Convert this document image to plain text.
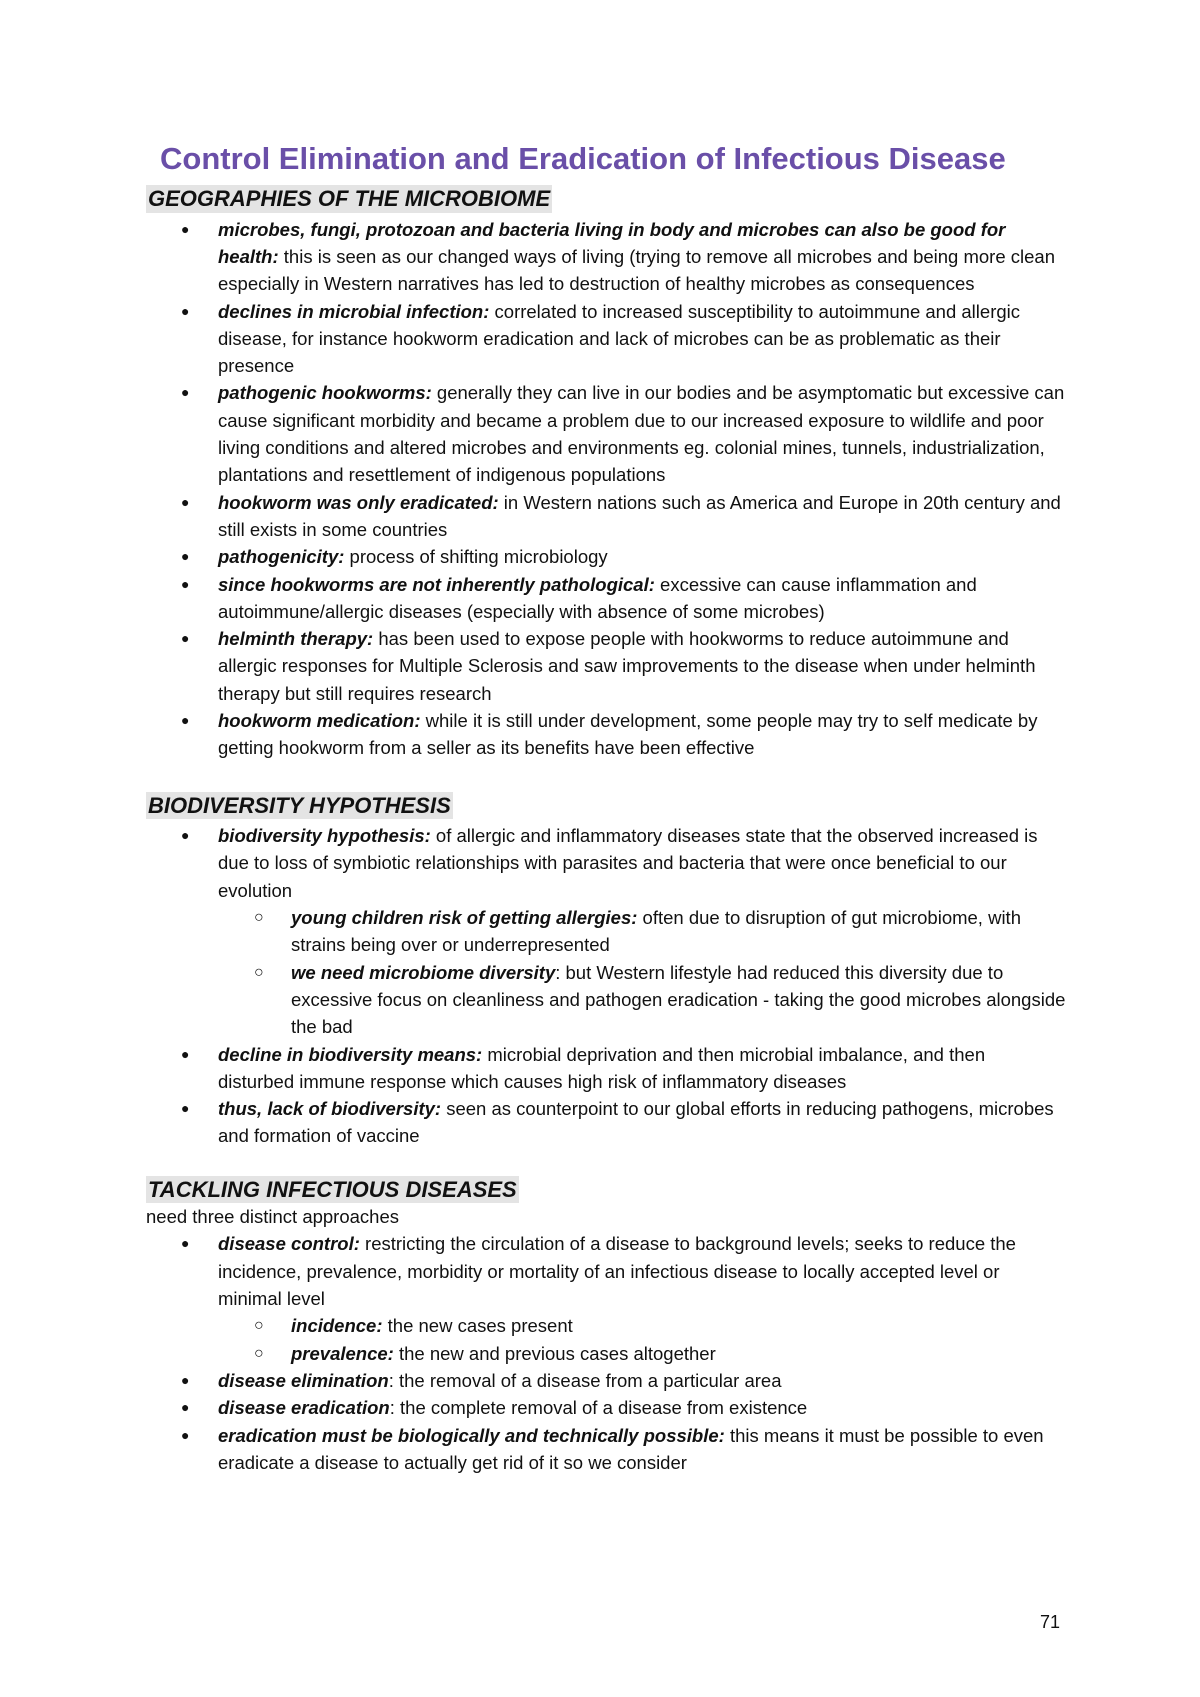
Control Elimination and Eradication of Infectious Disease
GEOGRAPHIES OF THE MICROBIOME
● microbes, fungi, protozoan and bacteria living in body and microbes can also be good for health: this is seen as our changed ways of living (trying to remove all microbes and being more clean especially in Western narratives has led to destruction of healthy microbes as consequences
● declines in microbial infection: correlated to increased susceptibility to autoimmune and allergic disease, for instance hookworm eradication and lack of microbes can be as problematic as their presence
● pathogenic hookworms: generally they can live in our bodies and be asymptomatic but excessive can cause significant morbidity and became a problem due to our increased exposure to wildlife and poor living conditions and altered microbes and environments eg. colonial mines, tunnels, industrialization, plantations and resettlement of indigenous populations
● hookworm was only eradicated: in Western nations such as America and Europe in 20th century and still exists in some countries
● pathogenicity: process of shifting microbiology
● since hookworms are not inherently pathological: excessive can cause inflammation and autoimmune/allergic diseases (especially with absence of some microbes)
● helminth therapy: has been used to expose people with hookworms to reduce autoimmune and allergic responses for Multiple Sclerosis and saw improvements to the disease when under helminth therapy but still requires research
● hookworm medication: while it is still under development, some people may try to self medicate by getting hookworm from a seller as its benefits have been effective
BIODIVERSITY HYPOTHESIS
● biodiversity hypothesis: of allergic and inflammatory diseases state that the observed increased is due to loss of symbiotic relationships with parasites and bacteria that were once beneficial to our evolution
○ young children risk of getting allergies: often due to disruption of gut microbiome, with strains being over or underrepresented
○ we need microbiome diversity: but Western lifestyle had reduced this diversity due to excessive focus on cleanliness and pathogen eradication - taking the good microbes alongside the bad
● decline in biodiversity means: microbial deprivation and then microbial imbalance, and then disturbed immune response which causes high risk of inflammatory diseases
● thus, lack of biodiversity: seen as counterpoint to our global efforts in reducing pathogens, microbes and formation of vaccine
TACKLING INFECTIOUS DISEASES

need three distinct approaches

● disease control: restricting the circulation of a disease to background levels; seeks to reduce the incidence, prevalence, morbidity or mortality of an infectious disease to locally accepted level or minimal level
○ incidence: the new cases present
○ prevalence: the new and previous cases altogether
● disease elimination: the removal of a disease from a particular area
● disease eradication: the complete removal of a disease from existence
● eradication must be biologically and technically possible: this means it must be possible to even eradicate a disease to actually get rid of it so we consider
71
